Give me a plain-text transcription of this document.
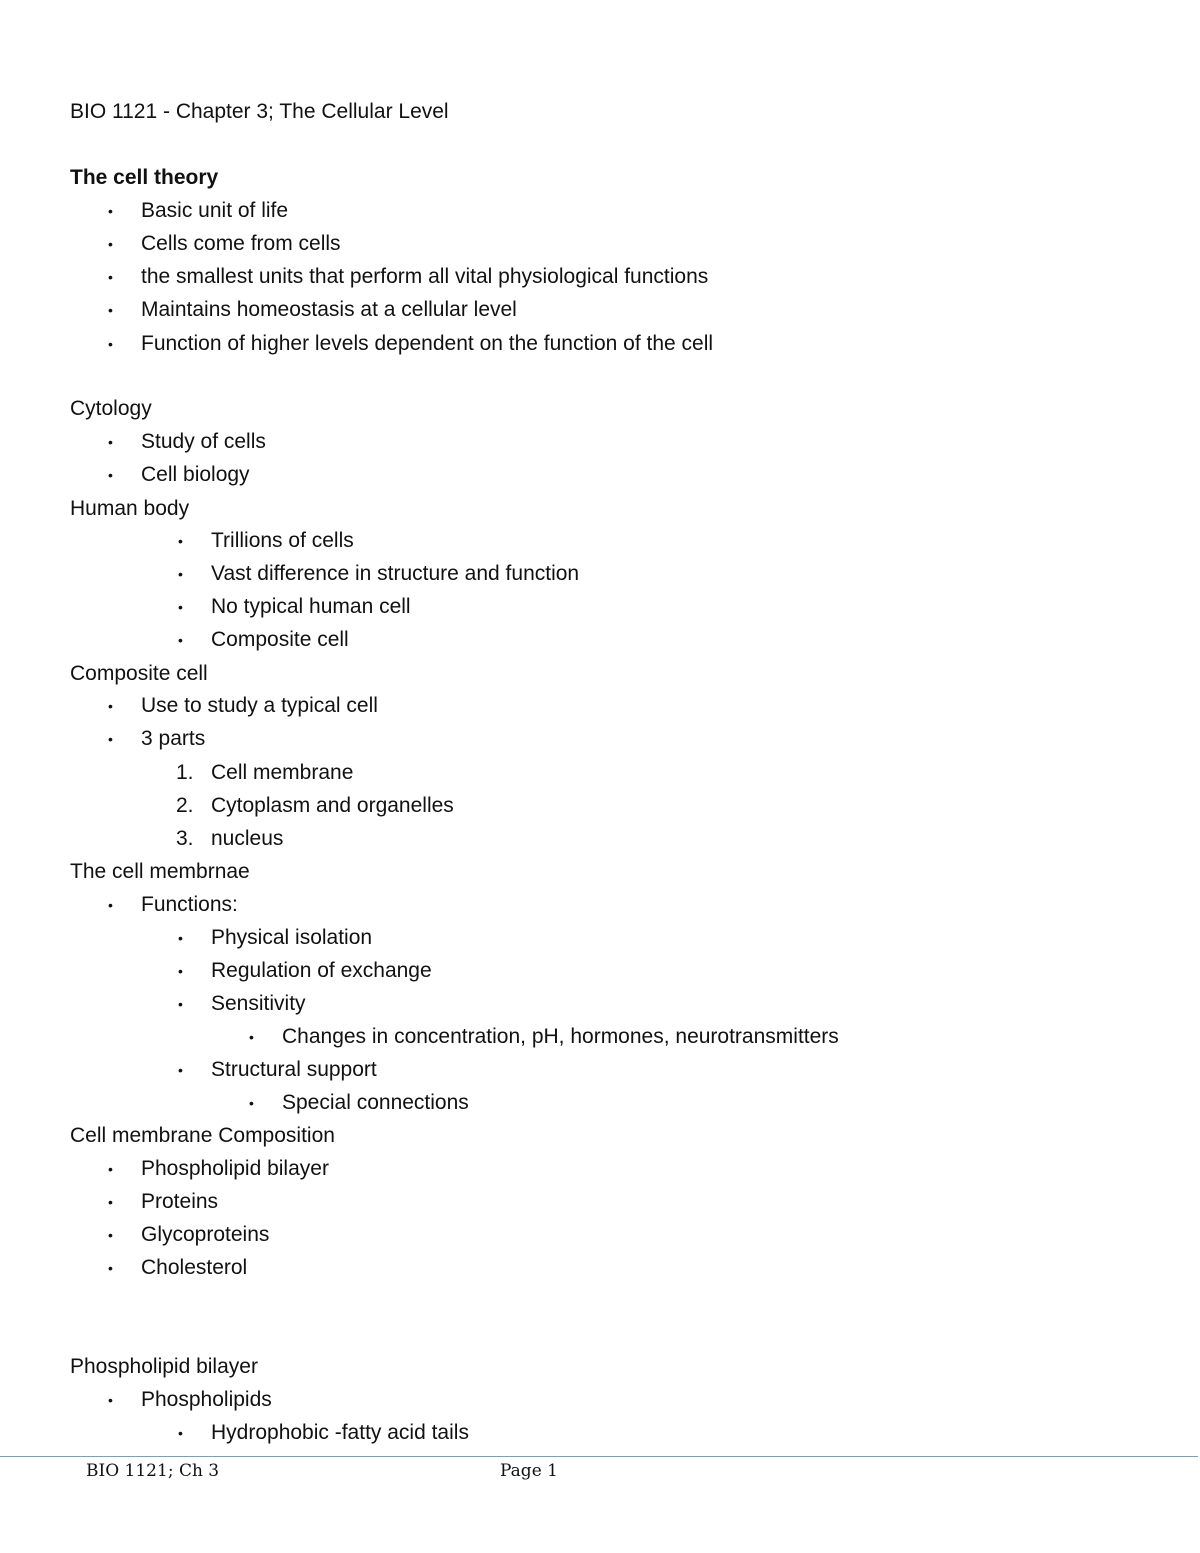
BIO 1121 - Chapter 3; The Cellular Level
The cell theory
•	Basic unit of life
•	Cells come from cells
•	the smallest units that perform all vital physiological functions
•	Maintains homeostasis at a cellular level
•	Function of higher levels dependent on the function of the cell
Cytology
•	Study of cells
•	Cell biology
Human body
•	Trillions of cells
•	Vast difference in structure and function
•	No typical human cell
•	Composite cell
Composite cell
•	Use to study a typical cell
•	3 parts
1. Cell membrane
2. Cytoplasm and organelles
3. nucleus
The cell membrnae
•	Functions:
•	Physical isolation
•	Regulation of exchange
•	Sensitivity
•	Changes in concentration, pH, hormones, neurotransmitters
•	Structural support
•	Special connections
Cell membrane Composition
•	Phospholipid bilayer
•	Proteins
•	Glycoproteins
•	Cholesterol
Phospholipid bilayer
•	Phospholipids
•	Hydrophobic -fatty acid tails
BIO 1121; Ch 3	Page 1
